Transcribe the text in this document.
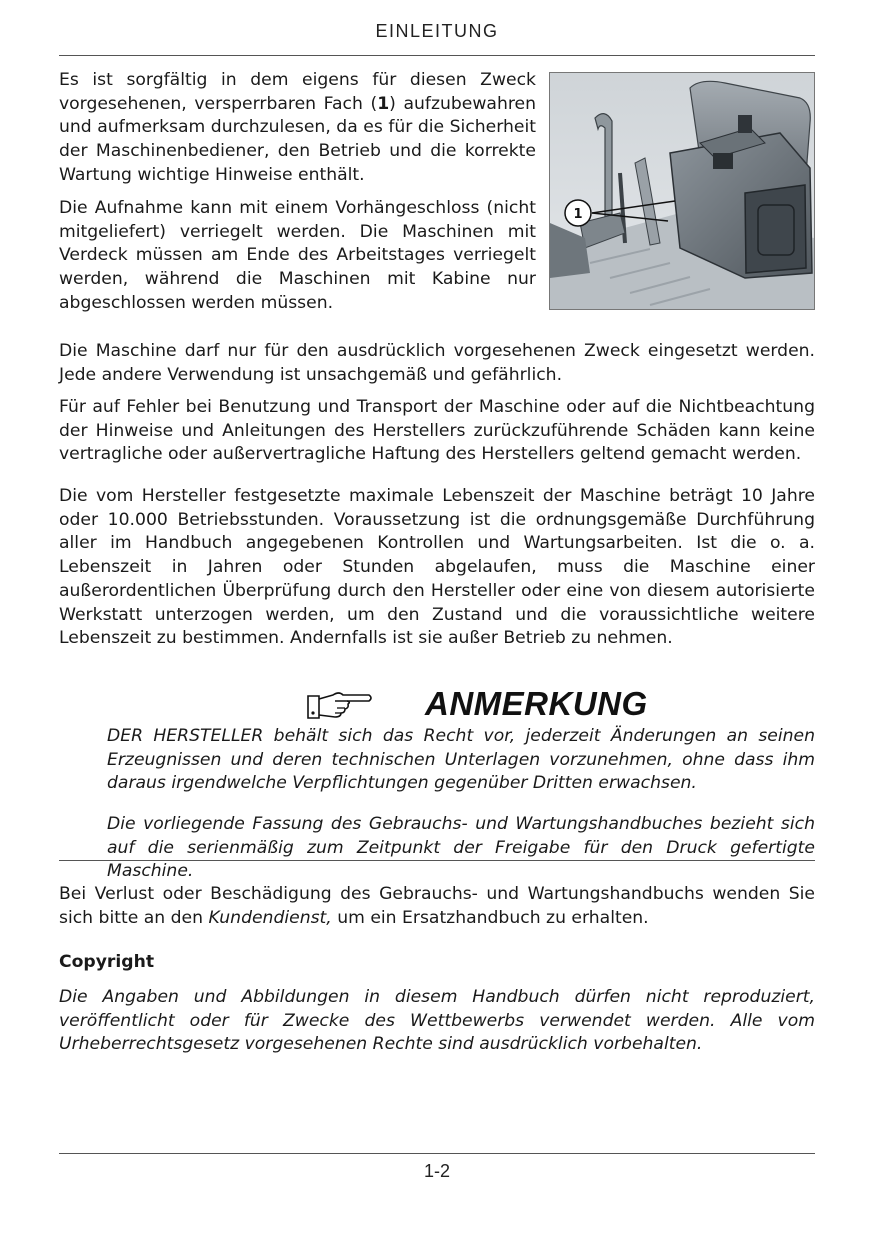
EINLEITUNG

Es ist sorgfältig in dem eigens für diesen Zweck vorgesehenen, versperrbaren Fach (1) aufzubewahren und aufmerksam durchzulesen, da es für die Sicherheit der Maschinenbediener, den Betrieb und die korrekte Wartung wichtige Hinweise enthält.

Die Aufnahme kann mit einem Vorhängeschloss (nicht mitgeliefert) verriegelt werden. Die Maschinen mit Verdeck müssen am Ende des Arbeitstages verriegelt werden, während die Maschinen mit Kabine nur abgeschlossen werden müssen.

1

Die Maschine darf nur für den ausdrücklich vorgesehenen Zweck eingesetzt werden. Jede andere Verwendung ist unsachgemäß und gefährlich.

Für auf Fehler bei Benutzung und Transport der Maschine oder auf die Nichtbeachtung der Hinweise und Anleitungen des Herstellers zurückzuführende Schäden kann keine vertragliche oder außervertragliche Haftung des Herstellers geltend gemacht werden.

Die vom Hersteller festgesetzte maximale Lebenszeit der Maschine beträgt 10 Jahre oder 10.000 Betriebsstunden. Voraussetzung ist die ordnungsgemäße Durchführung aller im Handbuch angegebenen Kontrollen und Wartungsarbeiten. Ist die o. a. Lebenszeit in Jahren oder Stunden abgelaufen, muss die Maschine einer außerordentlichen Überprüfung durch den Hersteller oder eine von diesem autorisierte Werkstatt unterzogen werden, um den Zustand und die voraussichtliche weitere Lebenszeit zu bestimmen. Andernfalls ist sie außer Betrieb zu nehmen.

ANMERKUNG

DER HERSTELLER behält sich das Recht vor, jederzeit Änderungen an seinen Erzeugnissen und deren technischen Unterlagen vorzunehmen, ohne dass ihm daraus irgendwelche Verpflichtungen gegenüber Dritten erwachsen.

Die vorliegende Fassung des Gebrauchs- und Wartungshandbuches bezieht sich auf die serienmäßig zum Zeitpunkt der Freigabe für den Druck gefertigte Maschine.

Bei Verlust oder Beschädigung des Gebrauchs- und Wartungshandbuchs wenden Sie sich bitte an den Kundendienst, um ein Ersatzhandbuch zu erhalten.

Copyright

Die Angaben und Abbildungen in diesem Handbuch dürfen nicht reproduziert, veröffentlicht oder für Zwecke des Wettbewerbs verwendet werden. Alle vom Urheberrechtsgesetz vorgesehenen Rechte sind ausdrücklich vorbehalten.

1-2
